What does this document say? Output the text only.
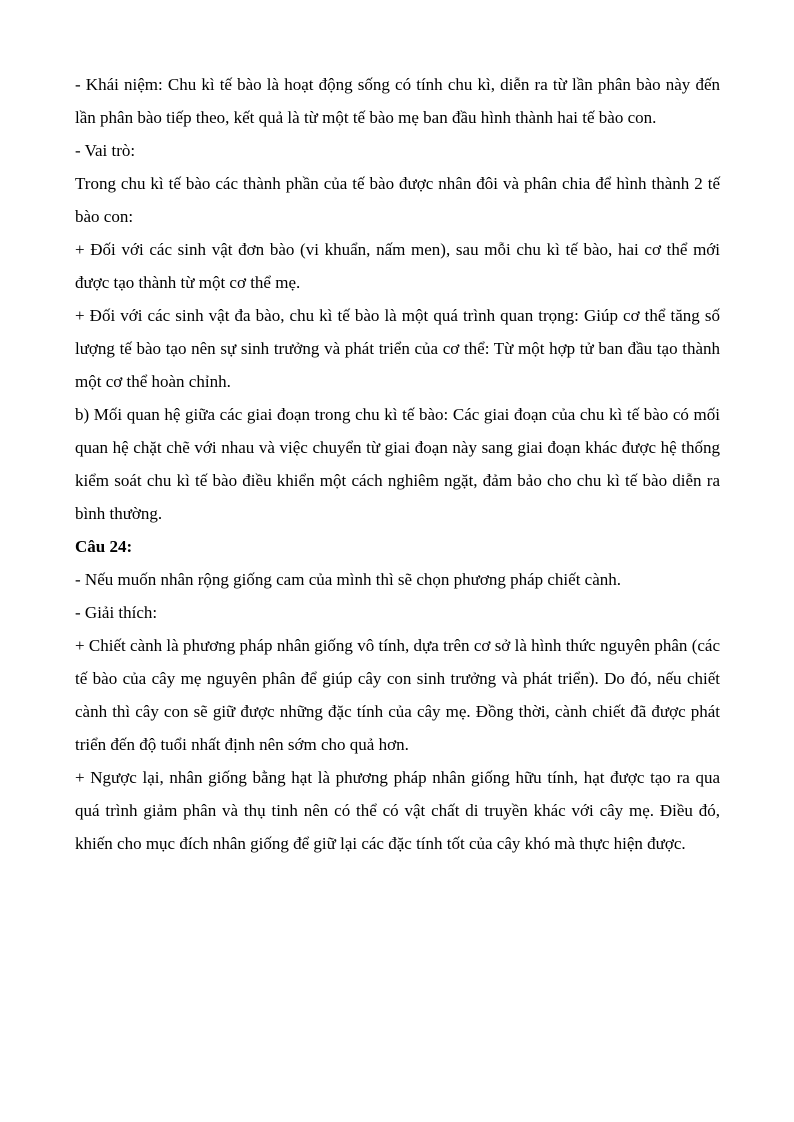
- Khái niệm: Chu kì tế bào là hoạt động sống có tính chu kì, diễn ra từ lần phân bào này đến lần phân bào tiếp theo, kết quả là từ một tế bào mẹ ban đầu hình thành hai tế bào con.

- Vai trò:

Trong chu kì tế bào các thành phần của tế bào được nhân đôi và phân chia để hình thành 2 tế bào con:

+ Đối với các sinh vật đơn bào (vi khuẩn, nấm men), sau mỗi chu kì tế bào, hai cơ thể mới được tạo thành từ một cơ thể mẹ.

+ Đối với các sinh vật đa bào, chu kì tế bào là một quá trình quan trọng: Giúp cơ thể tăng số lượng tế bào tạo nên sự sinh trưởng và phát triển của cơ thể: Từ một hợp tử ban đầu tạo thành một cơ thể hoàn chỉnh.

b) Mối quan hệ giữa các giai đoạn trong chu kì tế bào: Các giai đoạn của chu kì tế bào có mối quan hệ chặt chẽ với nhau và việc chuyển từ giai đoạn này sang giai đoạn khác được hệ thống kiểm soát chu kì tế bào điều khiển một cách nghiêm ngặt, đảm bảo cho chu kì tế bào diễn ra bình thường.

Câu 24:

- Nếu muốn nhân rộng giống cam của mình thì sẽ chọn phương pháp chiết cành.

- Giải thích:

+ Chiết cành là phương pháp nhân giống vô tính, dựa trên cơ sở là hình thức nguyên phân (các tế bào của cây mẹ nguyên phân để giúp cây con sinh trưởng và phát triển). Do đó, nếu chiết cành thì cây con sẽ giữ được những đặc tính của cây mẹ. Đồng thời, cành chiết đã được phát triển đến độ tuổi nhất định nên sớm cho quả hơn.

+ Ngược lại, nhân giống bằng hạt là phương pháp nhân giống hữu tính, hạt được tạo ra qua quá trình giảm phân và thụ tinh nên có thể có vật chất di truyền khác với cây mẹ. Điều đó, khiến cho mục đích nhân giống để giữ lại các đặc tính tốt của cây khó mà thực hiện được.
